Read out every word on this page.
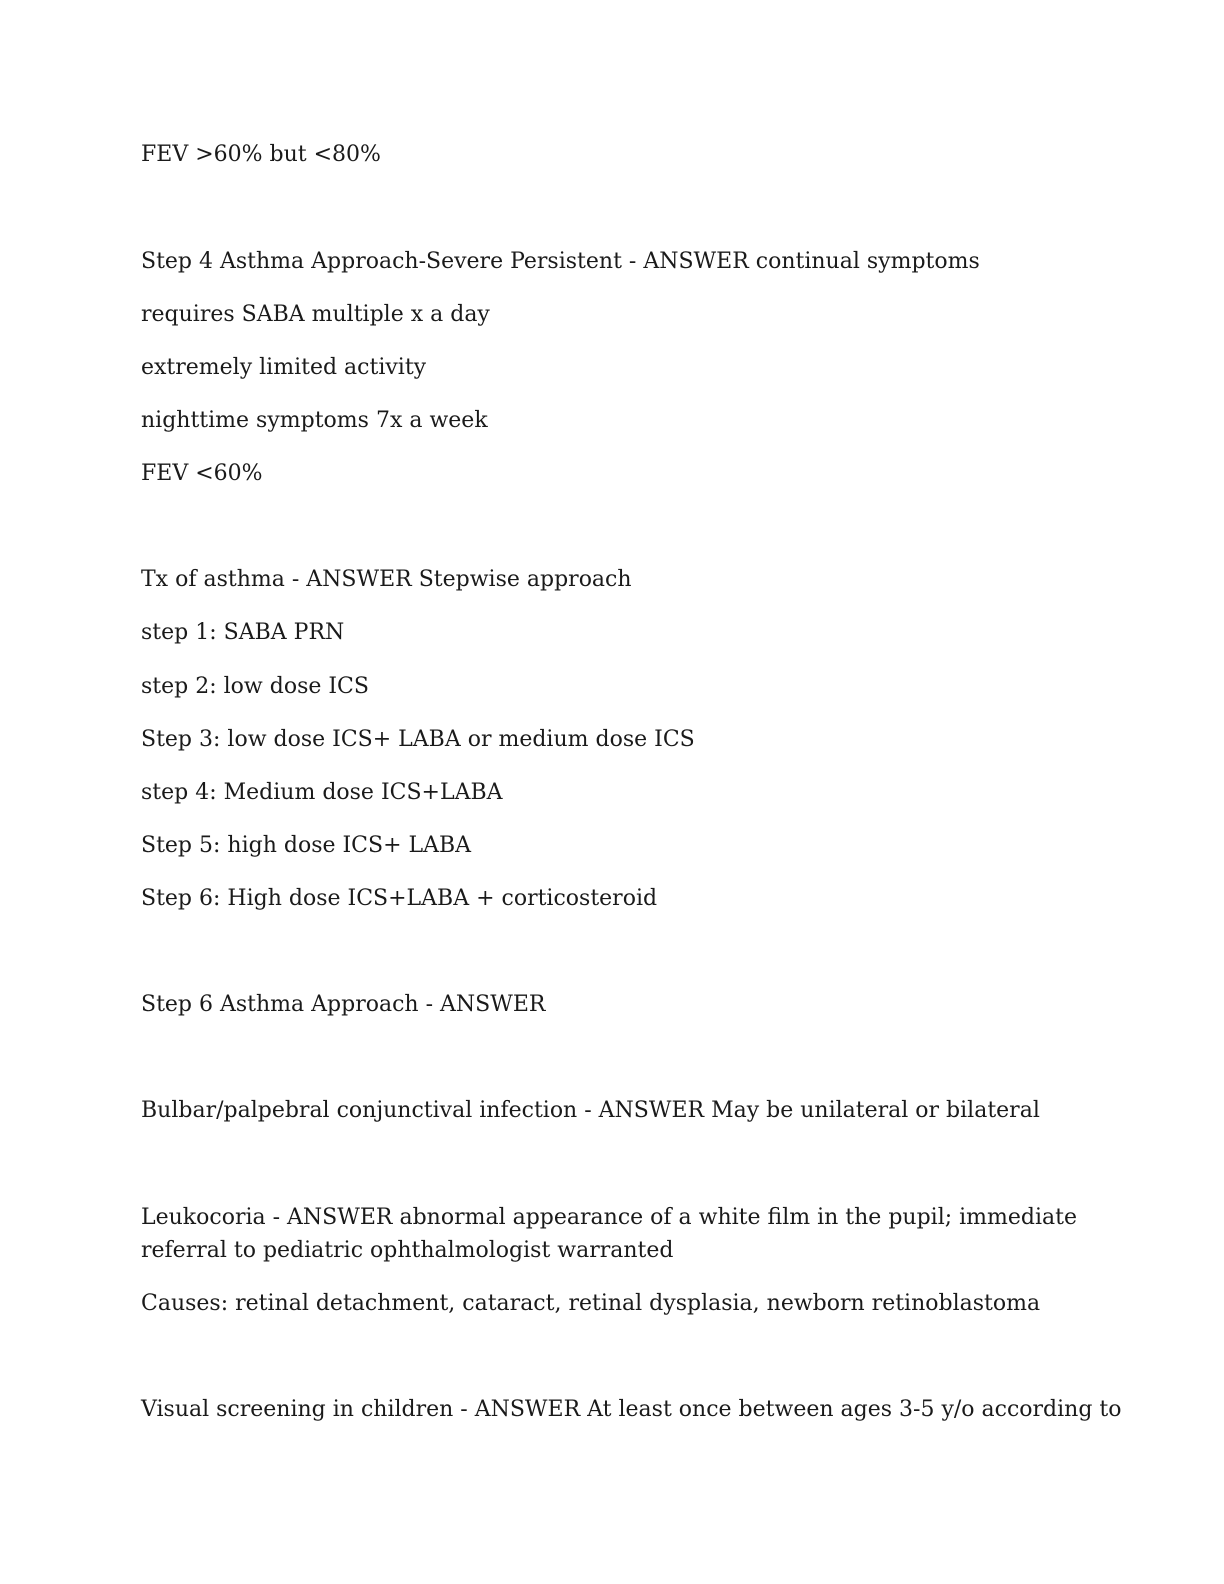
FEV >60% but <80%
Step 4 Asthma Approach-Severe Persistent - ANSWER continual symptoms
requires SABA multiple x a day
extremely limited activity
nighttime symptoms 7x a week
FEV <60%
Tx of asthma - ANSWER Stepwise approach
step 1: SABA PRN
step 2: low dose ICS
Step 3: low dose ICS+ LABA or medium dose ICS
step 4: Medium dose ICS+LABA
Step 5: high dose ICS+ LABA
Step 6: High dose ICS+LABA + corticosteroid
Step 6 Asthma Approach - ANSWER
Bulbar/palpebral conjunctival infection - ANSWER May be unilateral or bilateral
Leukocoria - ANSWER abnormal appearance of a white film in the pupil; immediate
referral to pediatric ophthalmologist warranted
Causes: retinal detachment, cataract, retinal dysplasia, newborn retinoblastoma
Visual screening in children - ANSWER At least once between ages 3-5 y/o according to
